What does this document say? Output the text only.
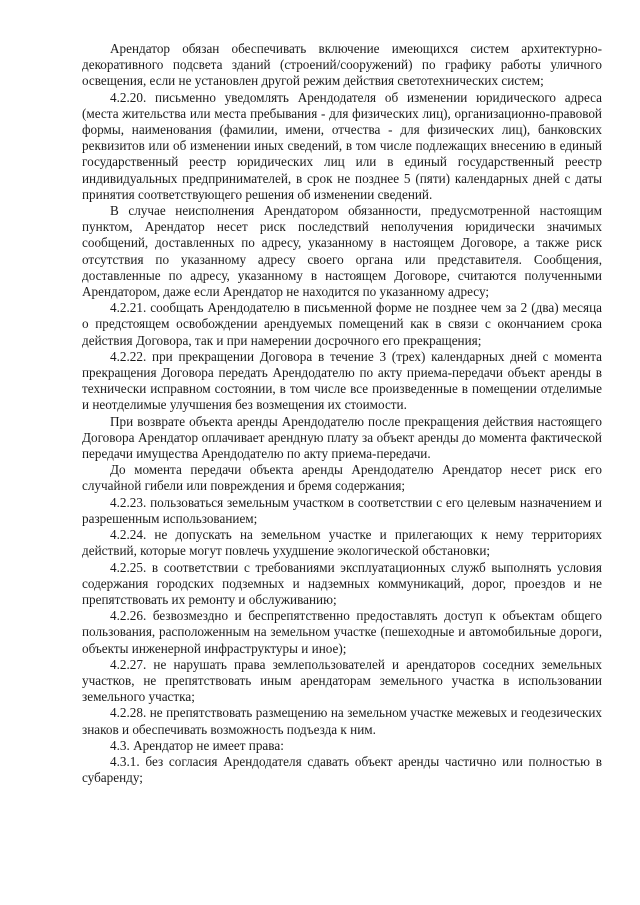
Арендатор обязан обеспечивать включение имеющихся систем архитектурно-декоративного подсвета зданий (строений/сооружений) по графику работы уличного освещения, если не установлен другой режим действия светотехнических систем;

4.2.20. письменно уведомлять Арендодателя об изменении юридического адреса (места жительства или места пребывания - для физических лиц), организационно-правовой формы, наименования (фамилии, имени, отчества - для физических лиц), банковских реквизитов или об изменении иных сведений, в том числе подлежащих внесению в единый государственный реестр юридических лиц или в единый государственный реестр индивидуальных предпринимателей, в срок не позднее 5 (пяти) календарных дней с даты принятия соответствующего решения об изменении сведений.

В случае неисполнения Арендатором обязанности, предусмотренной настоящим пунктом, Арендатор несет риск последствий неполучения юридически значимых сообщений, доставленных по адресу, указанному в настоящем Договоре, а также риск отсутствия по указанному адресу своего органа или представителя. Сообщения, доставленные по адресу, указанному в настоящем Договоре, считаются полученными Арендатором, даже если Арендатор не находится по указанному адресу;

4.2.21. сообщать Арендодателю в письменной форме не позднее чем за 2 (два) месяца о предстоящем освобождении арендуемых помещений как в связи с окончанием срока действия Договора, так и при намерении досрочного его прекращения;

4.2.22. при прекращении Договора в течение 3 (трех) календарных дней с момента прекращения Договора передать Арендодателю по акту приема-передачи объект аренды в технически исправном состоянии, в том числе все произведенные в помещении отделимые и неотделимые улучшения без возмещения их стоимости.

При возврате объекта аренды Арендодателю после прекращения действия настоящего Договора Арендатор оплачивает арендную плату за объект аренды до момента фактической передачи имущества Арендодателю по акту приема-передачи.

До момента передачи объекта аренды Арендодателю Арендатор несет риск его случайной гибели или повреждения и бремя содержания;

4.2.23. пользоваться земельным участком в соответствии с его целевым назначением и разрешенным использованием;

4.2.24. не допускать на земельном участке и прилегающих к нему территориях действий, которые могут повлечь ухудшение экологической обстановки;

4.2.25. в соответствии с требованиями эксплуатационных служб выполнять условия содержания городских подземных и надземных коммуникаций, дорог, проездов и не препятствовать их ремонту и обслуживанию;

4.2.26. безвозмездно и беспрепятственно предоставлять доступ к объектам общего пользования, расположенным на земельном участке (пешеходные и автомобильные дороги, объекты инженерной инфраструктуры и иное);

4.2.27. не нарушать права землепользователей и арендаторов соседних земельных участков, не препятствовать иным арендаторам земельного участка в использовании земельного участка;

4.2.28. не препятствовать размещению на земельном участке межевых и геодезических знаков и обеспечивать возможность подъезда к ним.

4.3. Арендатор не имеет права:

4.3.1. без согласия Арендодателя сдавать объект аренды частично или полностью в субаренду;
